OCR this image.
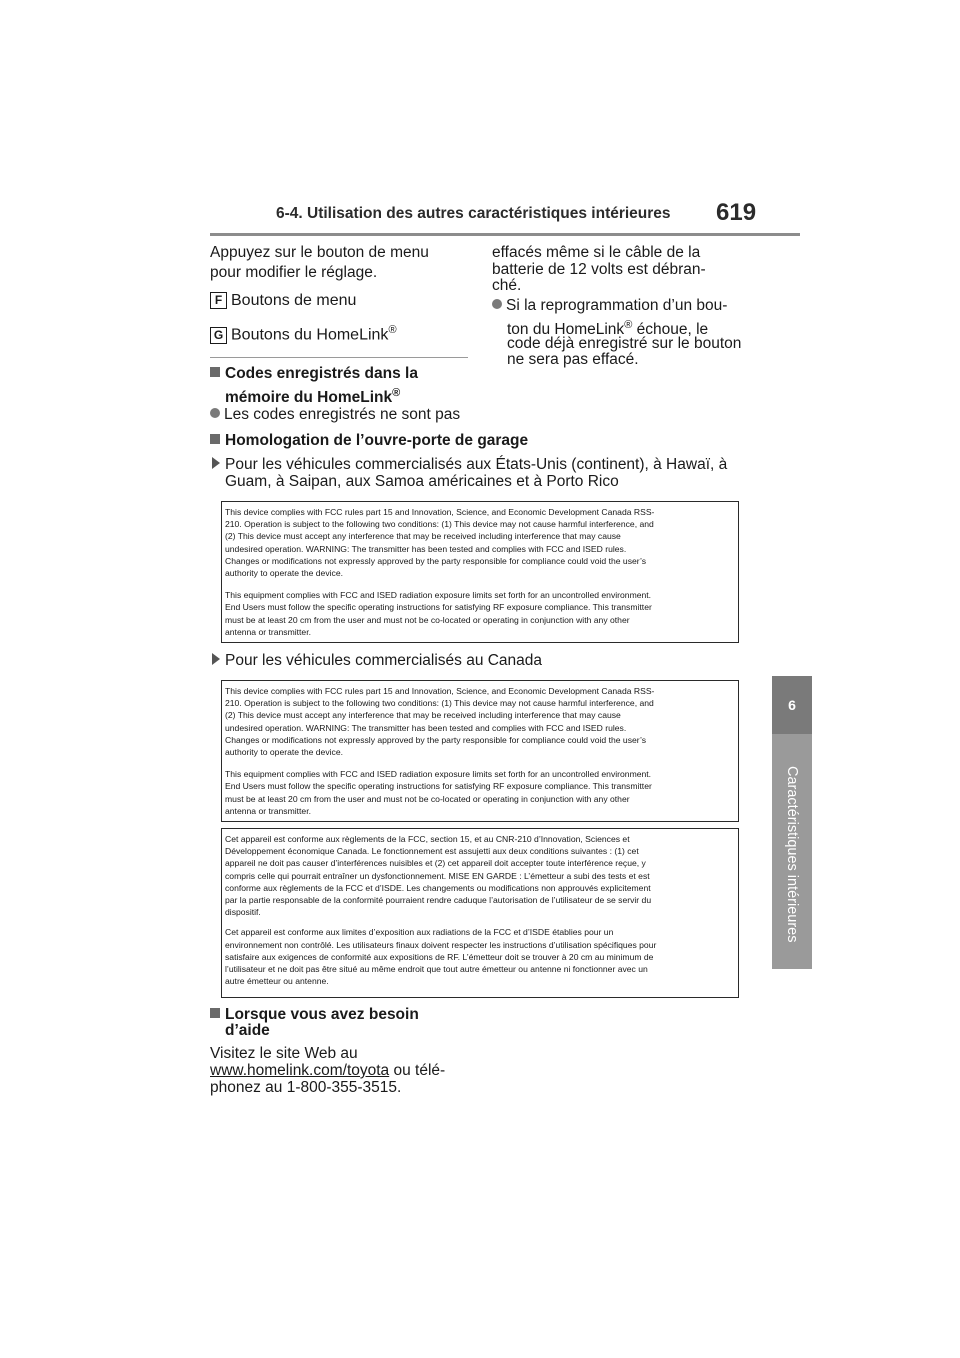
6-4. Utilisation des autres caractéristiques intérieures 619
6
Caractéristiques intérieures
Appuyez sur le bouton de menu
pour modifier le réglage.
F Boutons de menu
G Boutons du HomeLink®
Codes enregistrés dans la
mémoire du HomeLink®
Les codes enregistrés ne sont pas
effacés même si le câble de la
batterie de 12 volts est débran-
ché.
Si la reprogrammation d’un bou-
ton du HomeLink® échoue, le
code déjà enregistré sur le bouton
ne sera pas effacé.
Homologation de l’ouvre-porte de garage
Pour les véhicules commercialisés aux États-Unis (continent), à Hawaï, à
Guam, à Saipan, aux Samoa américaines et à Porto Rico

This device complies with FCC rules part 15 and Innovation, Science, and Economic Development Canada RSS-

210. Operation is subject to the following two conditions: (1) This device may not cause harmful interference, and

(2) This device must accept any interference that may be received including interference that may cause

undesired operation. WARNING: The transmitter has been tested and complies with FCC and ISED rules.

Changes or modifications not expressly approved by the party responsible for compliance could void the user’s

authority to operate the device.

This equipment complies with FCC and ISED radiation exposure limits set forth for an uncontrolled environment.

End Users must follow the specific operating instructions for satisfying RF exposure compliance. This transmitter

must be at least 20 cm from the user and must not be co-located or operating in conjunction with any other

antenna or transmitter.

Pour les véhicules commercialisés au Canada

This device complies with FCC rules part 15 and Innovation, Science, and Economic Development Canada RSS-

210. Operation is subject to the following two conditions: (1) This device may not cause harmful interference, and

(2) This device must accept any interference that may be received including interference that may cause

undesired operation. WARNING: The transmitter has been tested and complies with FCC and ISED rules.

Changes or modifications not expressly approved by the party responsible for compliance could void the user’s

authority to operate the device.

This equipment complies with FCC and ISED radiation exposure limits set forth for an uncontrolled environment.

End Users must follow the specific operating instructions for satisfying RF exposure compliance. This transmitter

must be at least 20 cm from the user and must not be co-located or operating in conjunction with any other

antenna or transmitter.

Cet appareil est conforme aux règlements de la FCC, section 15, et au CNR-210 d’Innovation, Sciences et

Développement économique Canada. Le fonctionnement est assujetti aux deux conditions suivantes : (1) cet

appareil ne doit pas causer d’interférences nuisibles et (2) cet appareil doit accepter toute interférence reçue, y

compris celle qui pourrait entraîner un dysfonctionnement. MISE EN GARDE : L’émetteur a subi des tests et est

conforme aux règlements de la FCC et d’ISDE. Les changements ou modifications non approuvés explicitement

par la partie responsable de la conformité pourraient rendre caduque l’autorisation de l’utilisateur de se servir du

dispositif.

Cet appareil est conforme aux limites d’exposition aux radiations de la FCC et d’ISDE établies pour un

environnement non contrôlé. Les utilisateurs finaux doivent respecter les instructions d’utilisation spécifiques pour

satisfaire aux exigences de conformité aux expositions de RF. L’émetteur doit se trouver à 20 cm au minimum de

l’utilisateur et ne doit pas être situé au même endroit que tout autre émetteur ou antenne ni fonctionner avec un

autre émetteur ou antenne.

Lorsque vous avez besoin
d’aide
Visitez le site Web au
www.homelink.com/toyota ou télé-
phonez au 1-800-355-3515.
